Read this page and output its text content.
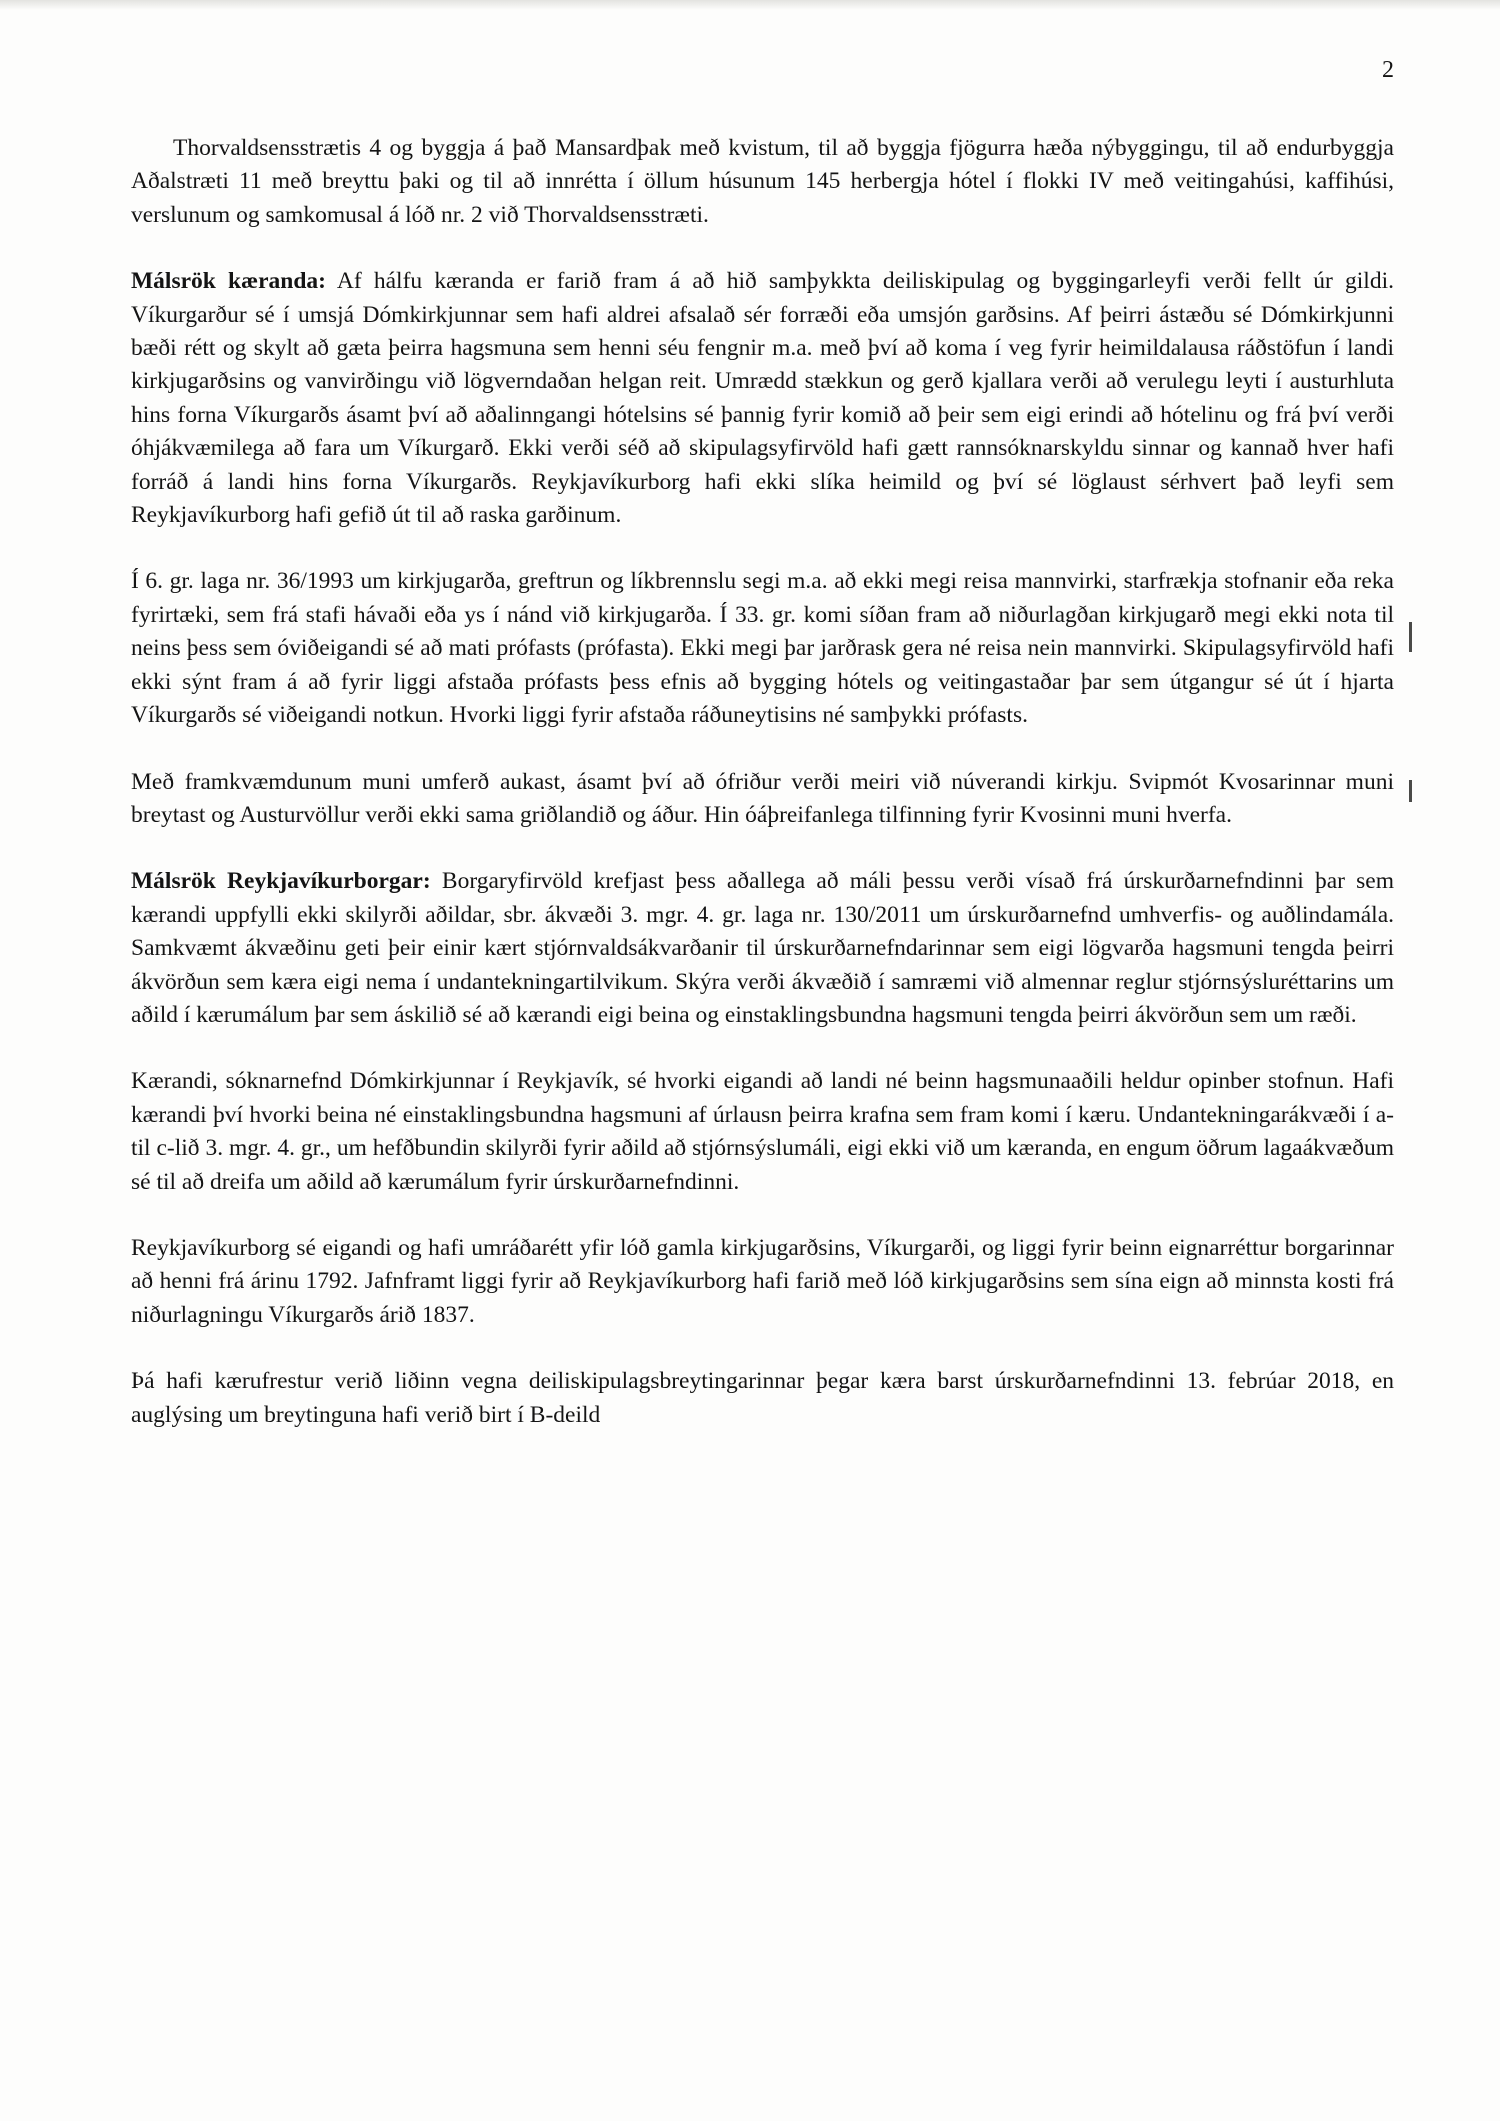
2

Thorvaldsensstrætis 4 og byggja á það Mansardþak með kvistum, til að byggja fjögurra hæða nýbyggingu, til að endurbyggja Aðalstræti 11 með breyttu þaki og til að innrétta í öllum húsunum 145 herbergja hótel í flokki IV með veitingahúsi, kaffihúsi, verslunum og samkomusal á lóð nr. 2 við Thorvaldsensstræti.

Málsrök kæranda: Af hálfu kæranda er farið fram á að hið samþykkta deiliskipulag og byggingarleyfi verði fellt úr gildi. Víkurgarður sé í umsjá Dómkirkjunnar sem hafi aldrei afsalað sér forræði eða umsjón garðsins. Af þeirri ástæðu sé Dómkirkjunni bæði rétt og skylt að gæta þeirra hagsmuna sem henni séu fengnir m.a. með því að koma í veg fyrir heimildalausa ráðstöfun í landi kirkjugarðsins og vanvirðingu við lögverndaðan helgan reit. Umrædd stækkun og gerð kjallara verði að verulegu leyti í austurhluta hins forna Víkurgarðs ásamt því að aðalinngangi hótelsins sé þannig fyrir komið að þeir sem eigi erindi að hótelinu og frá því verði óhjákvæmilega að fara um Víkurgarð. Ekki verði séð að skipulagsyfirvöld hafi gætt rannsóknarskyldu sinnar og kannað hver hafi forráð á landi hins forna Víkurgarðs. Reykjavíkurborg hafi ekki slíka heimild og því sé löglaust sérhvert það leyfi sem Reykjavíkurborg hafi gefið út til að raska garðinum.

Í 6. gr. laga nr. 36/1993 um kirkjugarða, greftrun og líkbrennslu segi m.a. að ekki megi reisa mannvirki, starfrækja stofnanir eða reka fyrirtæki, sem frá stafi hávaði eða ys í nánd við kirkjugarða. Í 33. gr. komi síðan fram að niðurlagðan kirkjugarð megi ekki nota til neins þess sem óviðeigandi sé að mati prófasts (prófasta). Ekki megi þar jarðrask gera né reisa nein mannvirki. Skipulagsyfirvöld hafi ekki sýnt fram á að fyrir liggi afstaða prófasts þess efnis að bygging hótels og veitingastaðar þar sem útgangur sé út í hjarta Víkurgarðs sé viðeigandi notkun. Hvorki liggi fyrir afstaða ráðuneytisins né samþykki prófasts.

Með framkvæmdunum muni umferð aukast, ásamt því að ófriður verði meiri við núverandi kirkju. Svipmót Kvosarinnar muni breytast og Austurvöllur verði ekki sama griðlandið og áður. Hin óáþreifanlega tilfinning fyrir Kvosinni muni hverfa.

Málsrök Reykjavíkurborgar: Borgaryfirvöld krefjast þess aðallega að máli þessu verði vísað frá úrskurðarnefndinni þar sem kærandi uppfylli ekki skilyrði aðildar, sbr. ákvæði 3. mgr. 4. gr. laga nr. 130/2011 um úrskurðarnefnd umhverfis- og auðlindamála. Samkvæmt ákvæðinu geti þeir einir kært stjórnvaldsákvarðanir til úrskurðarnefndarinnar sem eigi lögvarða hagsmuni tengda þeirri ákvörðun sem kæra eigi nema í undantekningartilvikum. Skýra verði ákvæðið í samræmi við almennar reglur stjórnsýsluréttarins um aðild í kærumálum þar sem áskilið sé að kærandi eigi beina og einstaklingsbundna hagsmuni tengda þeirri ákvörðun sem um ræði.

Kærandi, sóknarnefnd Dómkirkjunnar í Reykjavík, sé hvorki eigandi að landi né beinn hagsmunaaðili heldur opinber stofnun. Hafi kærandi því hvorki beina né einstaklingsbundna hagsmuni af úrlausn þeirra krafna sem fram komi í kæru. Undantekningarákvæði í a- til c-lið 3. mgr. 4. gr., um hefðbundin skilyrði fyrir aðild að stjórnsýslumáli, eigi ekki við um kæranda, en engum öðrum lagaákvæðum sé til að dreifa um aðild að kærumálum fyrir úrskurðarnefndinni.

Reykjavíkurborg sé eigandi og hafi umráðarétt yfir lóð gamla kirkjugarðsins, Víkurgarði, og liggi fyrir beinn eignarréttur borgarinnar að henni frá árinu 1792. Jafnframt liggi fyrir að Reykjavíkurborg hafi farið með lóð kirkjugarðsins sem sína eign að minnsta kosti frá niðurlagningu Víkurgarðs árið 1837.

Þá hafi kærufrestur verið liðinn vegna deiliskipulagsbreytingarinnar þegar kæra barst úrskurðarnefndinni 13. febrúar 2018, en auglýsing um breytinguna hafi verið birt í B-deild
